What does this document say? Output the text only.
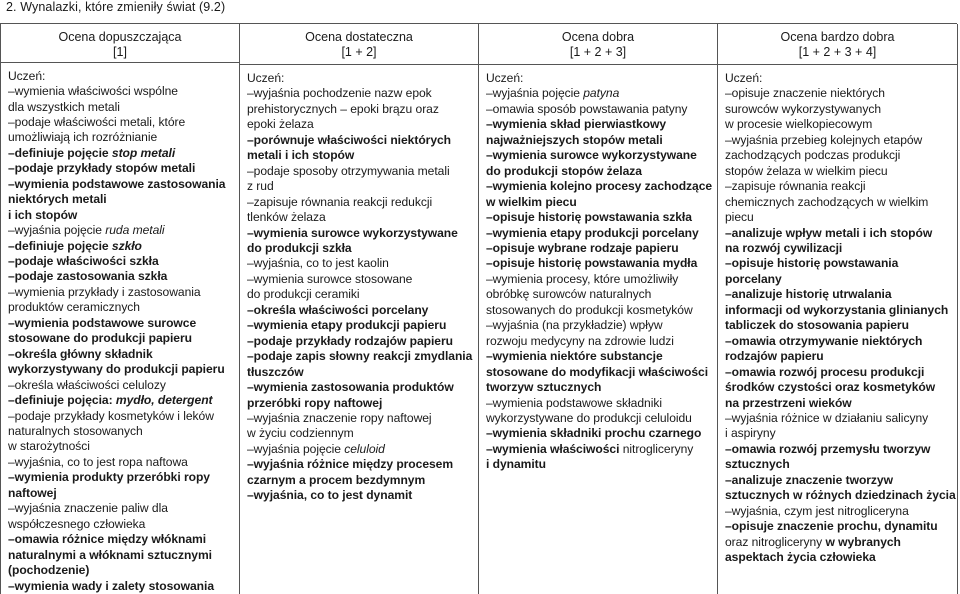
2. Wynalazki, które zmieniły świat (9.2)
Ocena dopuszczająca
[1]
Uczeń:
–wymienia właściwości wspólne
dla wszystkich metali
–podaje właściwości metali, które
umożliwiają ich rozróżnianie
–definiuje pojęcie stop metali
–podaje przykłady stopów metali
–wymienia podstawowe zastosowania
niektórych metali
i ich stopów
–wyjaśnia pojęcie ruda metali
–definiuje pojęcie szkło
–podaje właściwości szkła
–podaje zastosowania szkła
–wymienia przykłady i zastosowania
produktów ceramicznych
–wymienia podstawowe surowce
stosowane do produkcji papieru
–określa główny składnik
wykorzystywany do produkcji papieru
–określa właściwości celulozy
–definiuje pojęcia: mydło, detergent
–podaje przykłady kosmetyków i leków
naturalnych stosowanych
w starożytności
–wyjaśnia, co to jest ropa naftowa
–wymienia produkty przeróbki ropy
naftowej
–wyjaśnia znaczenie paliw dla
współczesnego człowieka
–omawia różnice między włóknami
naturalnymi a włóknami sztucznymi
(pochodzenie)
–wymienia wady i zalety stosowania
Ocena dostateczna
[1 + 2]
Uczeń:
–wyjaśnia pochodzenie nazw epok
prehistorycznych – epoki brązu oraz
epoki żelaza
–porównuje właściwości niektórych
metali i ich stopów
–podaje sposoby otrzymywania metali
z rud
–zapisuje równania reakcji redukcji
tlenków żelaza
–wymienia surowce wykorzystywane
do produkcji szkła
–wyjaśnia, co to jest kaolin
–wymienia surowce stosowane
do produkcji ceramiki
–określa właściwości porcelany
–wymienia etapy produkcji papieru
–podaje przykłady rodzajów papieru
–podaje zapis słowny reakcji zmydlania
tłuszczów
–wymienia zastosowania produktów
przeróbki ropy naftowej
–wyjaśnia znaczenie ropy naftowej
w życiu codziennym
–wyjaśnia pojęcie celuloid
–wyjaśnia różnice między procesem
czarnym a procem bezdymnym
–wyjaśnia, co to jest dynamit
Ocena dobra
[1 + 2 + 3]
Uczeń:
–wyjaśnia pojęcie patyna
–omawia sposób powstawania patyny
–wymienia skład pierwiastkowy
najważniejszych stopów metali
–wymienia surowce wykorzystywane
do produkcji stopów żelaza
–wymienia kolejno procesy zachodzące
w wielkim piecu
–opisuje historię powstawania szkła
–wymienia etapy produkcji porcelany
–opisuje wybrane rodzaje papieru
–opisuje historię powstawania mydła
–wymienia procesy, które umożliwiły
obróbkę surowców naturalnych
stosowanych do produkcji kosmetyków
–wyjaśnia (na przykładzie) wpływ
rozwoju medycyny na zdrowie ludzi
–wymienia niektóre substancje
stosowane do modyfikacji właściwości
tworzyw sztucznych
–wymienia podstawowe składniki
wykorzystywane do produkcji celuloidu
–wymienia składniki prochu czarnego
–wymienia właściwości nitrogliceryny
i dynamitu
Ocena bardzo dobra
[1 + 2 + 3 + 4]
Uczeń:
–opisuje znaczenie niektórych
surowców wykorzystywanych
w procesie wielkopiecowym
–wyjaśnia przebieg kolejnych etapów
zachodzących podczas produkcji
stopów żelaza w wielkim piecu
–zapisuje równania reakcji
chemicznych zachodzących w wielkim
piecu
–analizuje wpływ metali i ich stopów
na rozwój cywilizacji
–opisuje historię powstawania
porcelany
–analizuje historię utrwalania
informacji od wykorzystania glinianych
tabliczek do stosowania papieru
–omawia otrzymywanie niektórych
rodzajów papieru
–omawia rozwój procesu produkcji
środków czystości oraz kosmetyków
na przestrzeni wieków
–wyjaśnia różnice w działaniu salicyny
i aspiryny
–omawia rozwój przemysłu tworzyw
sztucznych
–analizuje znaczenie tworzyw
sztucznych w różnych dziedzinach życia
–wyjaśnia, czym jest nitrogliceryna
–opisuje znaczenie prochu, dynamitu
oraz nitrogliceryny w wybranych
aspektach życia człowieka
